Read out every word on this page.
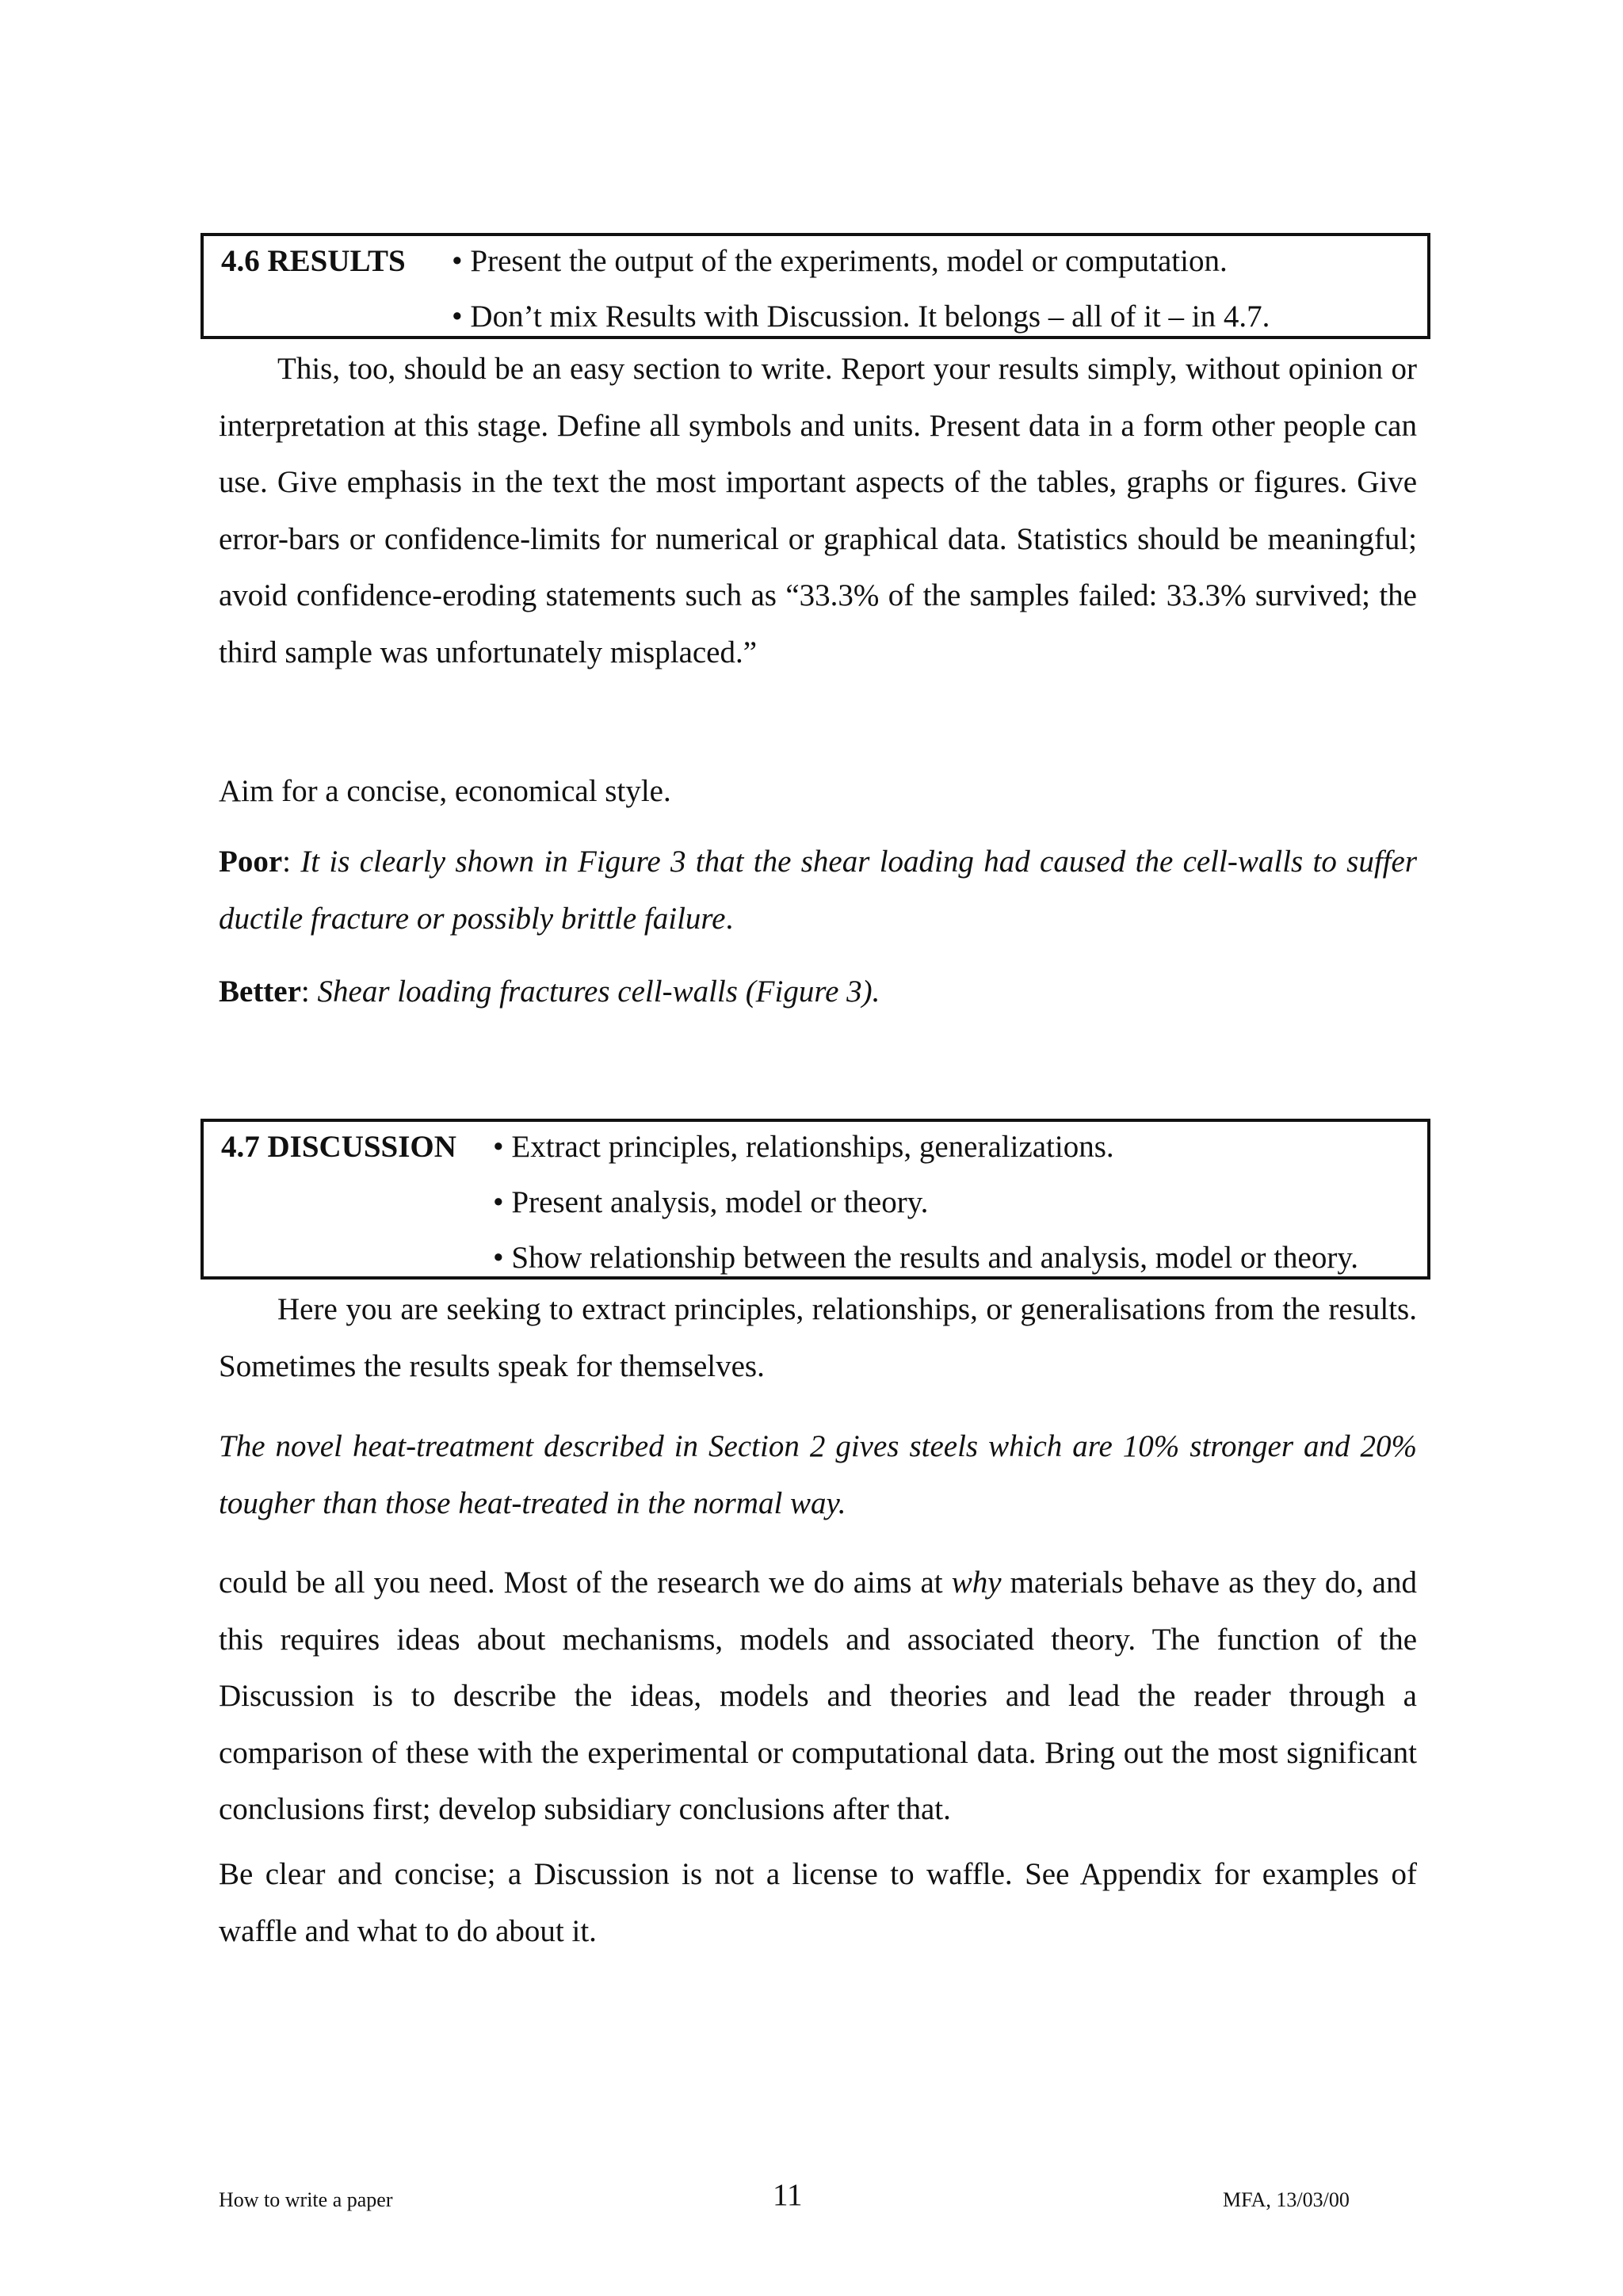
4.6 RESULTS • Present the output of the experiments, model or computation.
• Don’t mix Results with Discussion. It belongs – all of it – in 4.7.

This, too, should be an easy section to write. Report your results simply, without opinion or interpretation at this stage. Define all symbols and units. Present data in a form other people can use. Give emphasis in the text the most important aspects of the tables, graphs or figures. Give error-bars or confidence-limits for numerical or graphical data. Statistics should be meaningful; avoid confidence-eroding statements such as “33.3% of the samples failed: 33.3% survived; the third sample was unfortunately misplaced.”

Aim for a concise, economical style.

Poor: It is clearly shown in Figure 3 that the shear loading had caused the cell-walls to suffer ductile fracture or possibly brittle failure.

Better: Shear loading fractures cell-walls (Figure 3).

4.7 DISCUSSION • Extract principles, relationships, generalizations.
• Present analysis, model or theory.
• Show relationship between the results and analysis, model or theory.

Here you are seeking to extract principles, relationships, or generalisations from the results. Sometimes the results speak for themselves.

The novel heat-treatment described in Section 2 gives steels which are 10% stronger and 20% tougher than those heat-treated in the normal way.

could be all you need. Most of the research we do aims at why materials behave as they do, and this requires ideas about mechanisms, models and associated theory. The function of the Discussion is to describe the ideas, models and theories and lead the reader through a comparison of these with the experimental or computational data. Bring out the most significant conclusions first; develop subsidiary conclusions after that.

Be clear and concise; a Discussion is not a license to waffle. See Appendix for examples of waffle and what to do about it.

How to write a paper	11	MFA, 13/03/00
